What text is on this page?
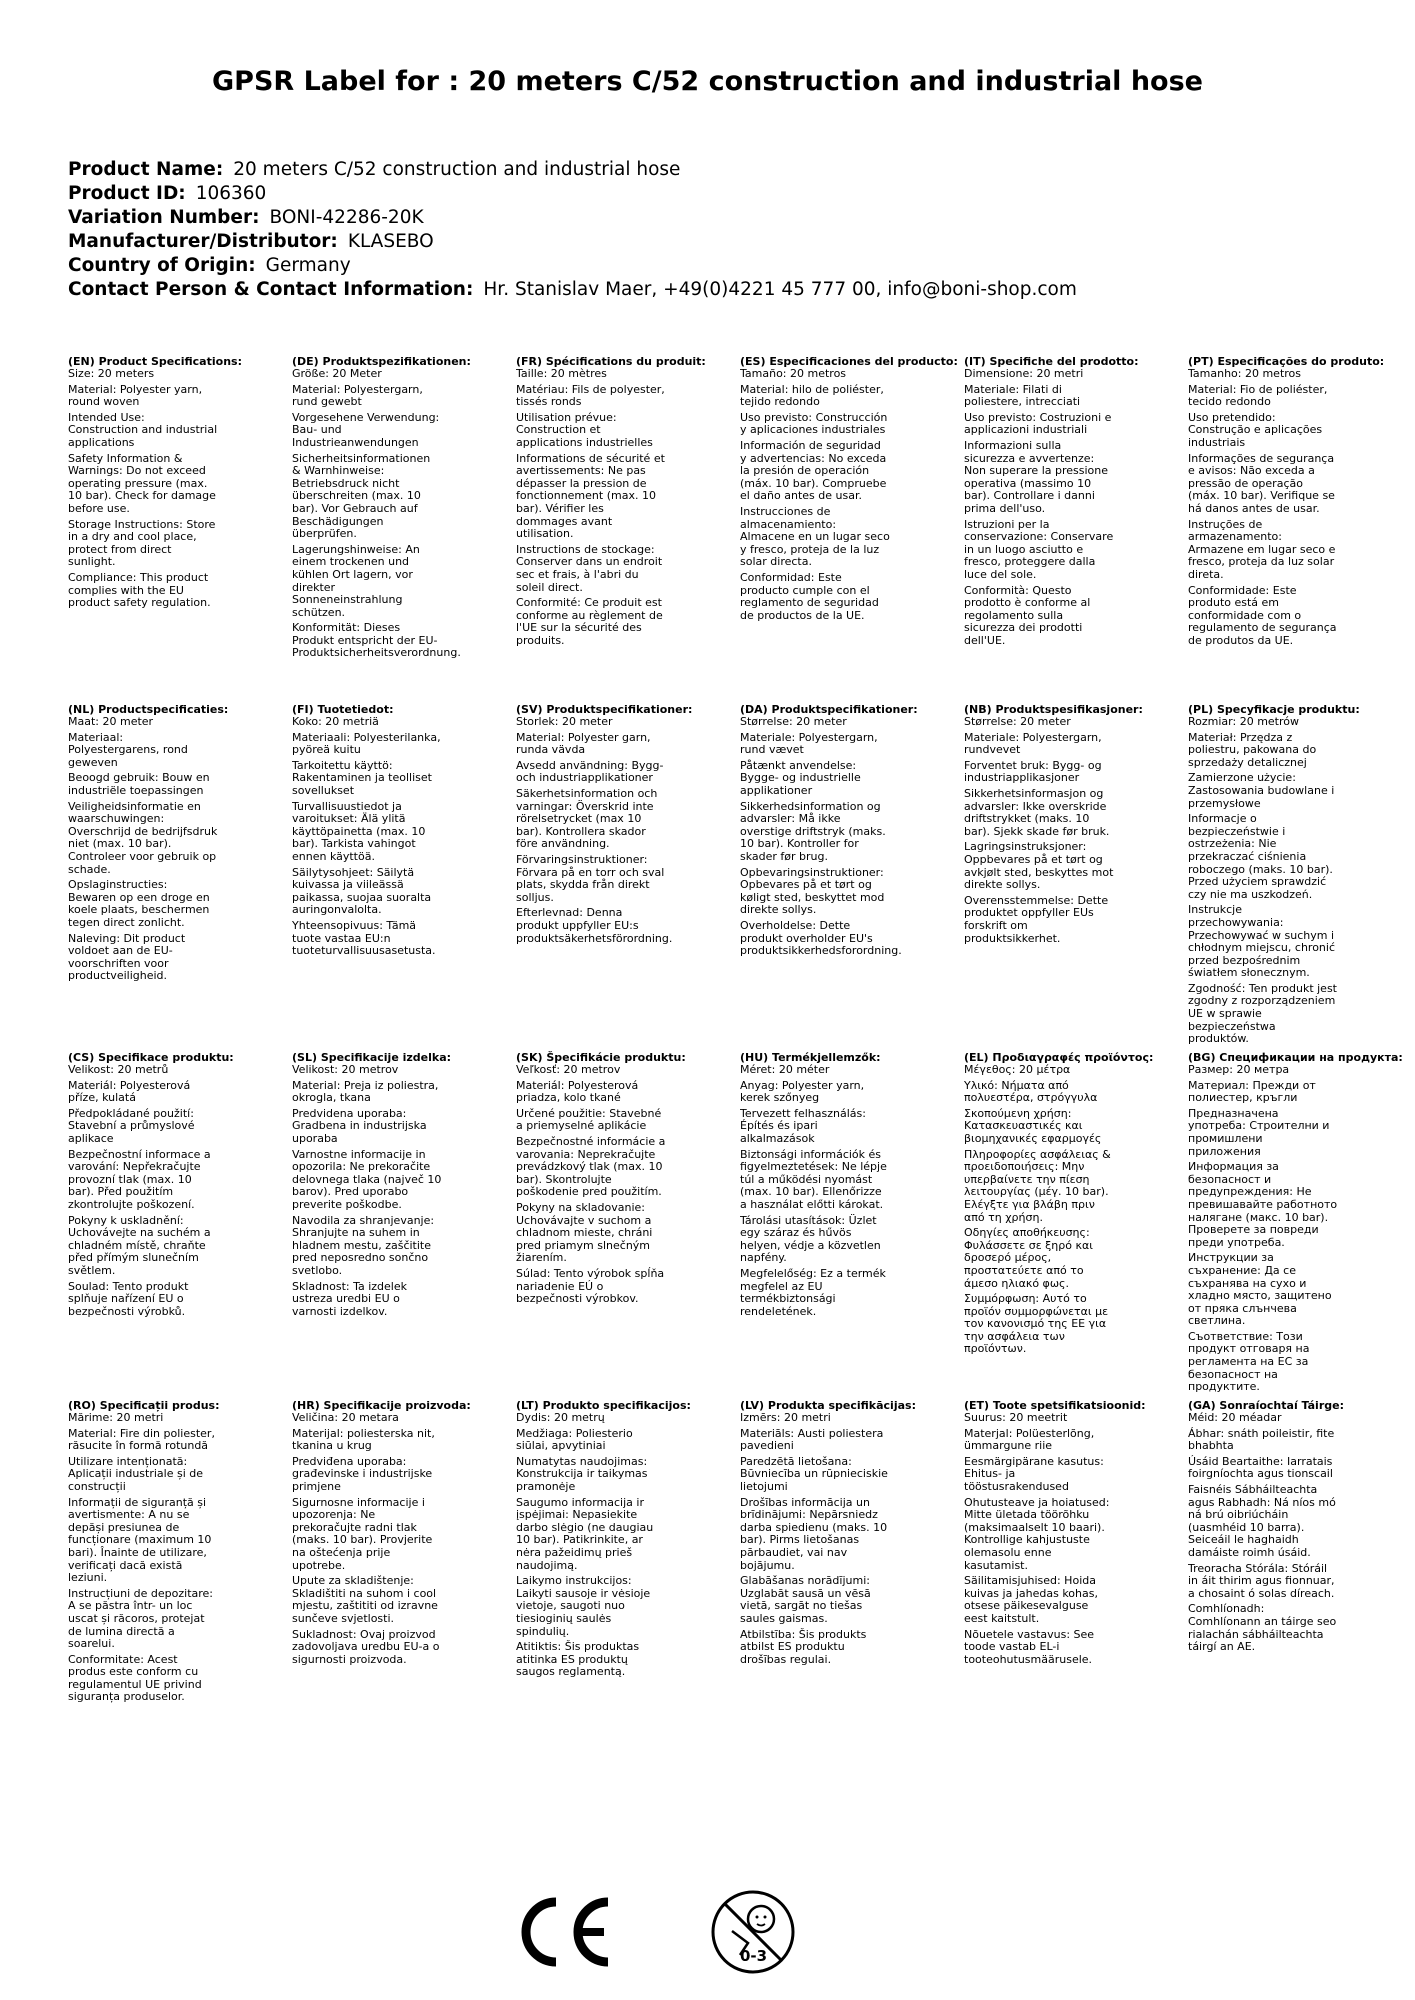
GPSR Label for : 20 meters C/52 construction and industrial hose
Product Name: 20 meters C/52 construction and industrial hose
Product ID: 106360
Variation Number: BONI-42286-20K
Manufacturer/Distributor: KLASEBO
Country of Origin: Germany
Contact Person & Contact Information: Hr. Stanislav Maer, +49(0)4221 45 777 00, info@boni-shop.com
(EN) Product Specifications:

Size: 20 meters

Material: Polyester yarn, round woven

Intended Use: Construction and industrial applications

Safety Information & Warnings: Do not exceed operating pressure (max. 10 bar). Check for damage before use.

Storage Instructions: Store in a dry and cool place, protect from direct sunlight.

Compliance: This product complies with the EU product safety regulation.

(DE) Produktspezifikationen:

Größe: 20 Meter

Material: Polyestergarn, rund gewebt

Vorgesehene Verwendung: Bau- und Industrieanwendungen

Sicherheitsinformationen & Warnhinweise: Betriebsdruck nicht überschreiten (max. 10 bar). Vor Gebrauch auf Beschädigungen überprüfen.

Lagerungshinweise: An einem trockenen und kühlen Ort lagern, vor direkter Sonneneinstrahlung schützen.

Konformität: Dieses Produkt entspricht der EU-Produktsicherheitsverordnung.

(FR) Spécifications du produit:

Taille: 20 mètres

Matériau: Fils de polyester, tissés ronds

Utilisation prévue: Construction et applications industrielles

Informations de sécurité et avertissements: Ne pas dépasser la pression de fonctionnement (max. 10 bar). Vérifier les dommages avant utilisation.

Instructions de stockage: Conserver dans un endroit sec et frais, à l'abri du soleil direct.

Conformité: Ce produit est conforme au règlement de l'UE sur la sécurité des produits.

(ES) Especificaciones del producto:

Tamaño: 20 metros

Material: hilo de poliéster, tejido redondo

Uso previsto: Construcción y aplicaciones industriales

Información de seguridad y advertencias: No exceda la presión de operación (máx. 10 bar). Compruebe el daño antes de usar.

Instrucciones de almacenamiento: Almacene en un lugar seco y fresco, proteja de la luz solar directa.

Conformidad: Este producto cumple con el reglamento de seguridad de productos de la UE.

(IT) Specifiche del prodotto:

Dimensione: 20 metri

Materiale: Filati di poliestere, intrecciati

Uso previsto: Costruzioni e applicazioni industriali

Informazioni sulla sicurezza e avvertenze: Non superare la pressione operativa (massimo 10 bar). Controllare i danni prima dell'uso.

Istruzioni per la conservazione: Conservare in un luogo asciutto e fresco, proteggere dalla luce del sole.

Conformità: Questo prodotto è conforme al regolamento sulla sicurezza dei prodotti dell'UE.

(PT) Especificações do produto:

Tamanho: 20 metros

Material: Fio de poliéster, tecido redondo

Uso pretendido: Construção e aplicações industriais

Informações de segurança e avisos: Não exceda a pressão de operação (máx. 10 bar). Verifique se há danos antes de usar.

Instruções de armazenamento: Armazene em lugar seco e fresco, proteja da luz solar direta.

Conformidade: Este produto está em conformidade com o regulamento de segurança de produtos da UE.

(NL) Productspecificaties:

Maat: 20 meter

Materiaal: Polyestergarens, rond geweven

Beoogd gebruik: Bouw en industriële toepassingen

Veiligheidsinformatie en waarschuwingen: Overschrijd de bedrijfsdruk niet (max. 10 bar). Controleer voor gebruik op schade.

Opslaginstructies: Bewaren op een droge en koele plaats, beschermen tegen direct zonlicht.

Naleving: Dit product voldoet aan de EU-voorschriften voor productveiligheid.

(FI) Tuotetiedot:

Koko: 20 metriä

Materiaali: Polyesterilanka, pyöreä kuitu

Tarkoitettu käyttö: Rakentaminen ja teolliset sovellukset

Turvallisuustiedot ja varoitukset: Älä ylitä käyttöpainetta (max. 10 bar). Tarkista vahingot ennen käyttöä.

Säilytysohjeet: Säilytä kuivassa ja viileässä paikassa, suojaa suoralta auringonvalolta.

Yhteensopivuus: Tämä tuote vastaa EU:n tuoteturvallisuusasetusta.

(SV) Produktspecifikationer:

Storlek: 20 meter

Material: Polyester garn, runda vävda

Avsedd användning: Bygg- och industriapplikationer

Säkerhetsinformation och varningar: Överskrid inte rörelsetrycket (max 10 bar). Kontrollera skador före användning.

Förvaringsinstruktioner: Förvara på en torr och sval plats, skydda från direkt solljus.

Efterlevnad: Denna produkt uppfyller EU:s produktsäkerhetsförordning.

(DA) Produktspecifikationer:

Størrelse: 20 meter

Materiale: Polyestergarn, rund vævet

Påtænkt anvendelse: Bygge- og industrielle applikationer

Sikkerhedsinformation og advarsler: Må ikke overstige driftstryk (maks. 10 bar). Kontroller for skader før brug.

Opbevaringsinstruktioner: Opbevares på et tørt og køligt sted, beskyttet mod direkte sollys.

Overholdelse: Dette produkt overholder EU's produktsikkerhedsforordning.

(NB) Produktspesifikasjoner:

Størrelse: 20 meter

Materiale: Polyestergarn, rundvevet

Forventet bruk: Bygg- og industriapplikasjoner

Sikkerhetsinformasjon og advarsler: Ikke overskride driftstrykket (maks. 10 bar). Sjekk skade før bruk.

Lagringsinstruksjoner: Oppbevares på et tørt og avkjølt sted, beskyttes mot direkte sollys.

Overensstemmelse: Dette produktet oppfyller EUs forskrift om produktsikkerhet.

(PL) Specyfikacje produktu:

Rozmiar: 20 metrów

Materiał: Przędza z poliestru, pakowana do sprzedaży detalicznej

Zamierzone użycie: Zastosowania budowlane i przemysłowe

Informacje o bezpieczeństwie i ostrzeżenia: Nie przekraczać ciśnienia roboczego (maks. 10 bar). Przed użyciem sprawdzić czy nie ma uszkodzeń.

Instrukcje przechowywania: Przechowywać w suchym i chłodnym miejscu, chronić przed bezpośrednim światłem słonecznym.

Zgodność: Ten produkt jest zgodny z rozporządzeniem UE w sprawie bezpieczeństwa produktów.

(CS) Specifikace produktu:

Velikost: 20 metrů

Materiál: Polyesterová příze, kulatá

Předpokládané použití: Stavební a průmyslové aplikace

Bezpečnostní informace a varování: Nepřekračujte provozní tlak (max. 10 bar). Před použitím zkontrolujte poškození.

Pokyny k uskladnění: Uchovávejte na suchém a chladném místě, chraňte před přímým slunečním světlem.

Soulad: Tento produkt splňuje nařízení EU o bezpečnosti výrobků.

(SL) Specifikacije izdelka:

Velikost: 20 metrov

Material: Preja iz poliestra, okrogla, tkana

Predvidena uporaba: Gradbena in industrijska uporaba

Varnostne informacije in opozorila: Ne prekoračite delovnega tlaka (največ 10 barov). Pred uporabo preverite poškodbe.

Navodila za shranjevanje: Shranjujte na suhem in hladnem mestu, zaščitite pred neposredno sončno svetlobo.

Skladnost: Ta izdelek ustreza uredbi EU o varnosti izdelkov.

(SK) Špecifikácie produktu:

Veľkosť: 20 metrov

Materiál: Polyesterová priadza, kolo tkané

Určené použitie: Stavebné a priemyselné aplikácie

Bezpečnostné informácie a varovania: Neprekračujte prevádzkový tlak (max. 10 bar). Skontrolujte poškodenie pred použitím.

Pokyny na skladovanie: Uchovávajte v suchom a chladnom mieste, chráni pred priamym slnečným žiarením.

Súlad: Tento výrobok spĺňa nariadenie EÚ o bezpečnosti výrobkov.

(HU) Termékjellemzők:

Méret: 20 méter

Anyag: Polyester yarn, kerek szőnyeg

Tervezett felhasználás: Építés és ipari alkalmazások

Biztonsági információk és figyelmeztetések: Ne lépje túl a működési nyomást (max. 10 bar). Ellenőrizze a használat előtti károkat.

Tárolási utasítások: Üzlet egy száraz és hűvös helyen, védje a közvetlen napfény.

Megfelelőség: Ez a termék megfelel az EU termékbiztonsági rendeletének.

(EL) Προδιαγραφές προϊόντος:

Μέγεθος: 20 μέτρα

Υλικό: Νήματα από πολυεστέρα, στρόγγυλα

Σκοπούμενη χρήση: Κατασκευαστικές και βιομηχανικές εφαρμογές

Πληροφορίες ασφάλειας & προειδοποιήσεις: Μην υπερβαίνετε την πίεση λειτουργίας (μέγ. 10 bar). Ελέγξτε για βλάβη πριν από τη χρήση.

Οδηγίες αποθήκευσης: Φυλάσσετε σε ξηρό και δροσερό μέρος, προστατεύετε από το άμεσο ηλιακό φως.

Συμμόρφωση: Αυτό το προϊόν συμμορφώνεται με τον κανονισμό της ΕΕ για την ασφάλεια των προϊόντων.

(BG) Спецификации на продукта:

Размер: 20 метра

Материал: Прежди от полиестер, кръгли

Предназначена употреба: Строителни и промишлени приложения

Информация за безопасност и предупреждения: Не превишавайте работното налягане (макс. 10 bar). Проверете за повреди преди употреба.

Инструкции за съхранение: Да се съхранява на сухо и хладно място, защитено от пряка слънчева светлина.

Съответствие: Този продукт отговаря на регламента на ЕС за безопасност на продуктите.

(RO) Specificații produs:

Mărime: 20 metri

Material: Fire din poliester, răsucite în formă rotundă

Utilizare intenționată: Aplicații industriale și de construcții

Informații de siguranță și avertismente: A nu se depăși presiunea de funcționare (maximum 10 bari). Înainte de utilizare, verificați dacă există leziuni.

Instrucțiuni de depozitare: A se păstra într- un loc uscat și răcoros, protejat de lumina directă a soarelui.

Conformitate: Acest produs este conform cu regulamentul UE privind siguranța produselor.

(HR) Specifikacije proizvoda:

Veličina: 20 metara

Materijal: poliesterska nit, tkanina u krug

Predviđena uporaba: građevinske i industrijske primjene

Sigurnosne informacije i upozorenja: Ne prekoračujte radni tlak (maks. 10 bar). Provjerite na oštećenja prije upotrebe.

Upute za skladištenje: Skladištiti na suhom i cool mjestu, zaštititi od izravne sunčeve svjetlosti.

Sukladnost: Ovaj proizvod zadovoljava uredbu EU-a o sigurnosti proizvoda.

(LT) Produkto specifikacijos:

Dydis: 20 metrų

Medžiaga: Poliesterio siūlai, apvytiniai

Numatytas naudojimas: Konstrukcija ir taikymas pramonėje

Saugumo informacija ir įspėjimai: Nepasiekite darbo slėgio (ne daugiau 10 bar). Patikrinkite, ar nėra pažeidimų prieš naudojimą.

Laikymo instrukcijos: Laikyti sausoje ir vėsioje vietoje, saugoti nuo tiesioginių saulės spindulių.

Atitiktis: Šis produktas atitinka ES produktų saugos reglamentą.

(LV) Produkta specifikācijas:

Izmērs: 20 metri

Materiāls: Austi poliestera pavedieni

Paredzētā lietošana: Būvniecība un rūpnieciskie lietojumi

Drošības informācija un brīdinājumi: Nepārsniedz darba spiedienu (maks. 10 bar). Pirms lietošanas pārbaudiet, vai nav bojājumu.

Glabāšanas norādījumi: Uzglabāt sausā un vēsā vietā, sargāt no tiešas saules gaismas.

Atbilstība: Šis produkts atbilst ES produktu drošības regulai.

(ET) Toote spetsifikatsioonid:

Suurus: 20 meetrit

Materjal: Polüesterlõng, ümmargune riie

Eesmärgipärane kasutus: Ehitus- ja tööstusrakendused

Ohutusteave ja hoiatused: Mitte ületada töörõhku (maksimaalselt 10 baari). Kontrollige kahjustuste olemasolu enne kasutamist.

Säilitamisjuhised: Hoida kuivas ja jahedas kohas, otsese päikesevalguse eest kaitstult.

Nõuetele vastavus: See toode vastab EL-i tooteohutusmäärusele.

(GA) Sonraíochtaí Táirge:

Méid: 20 méadar

Ábhar: snáth poileistir, fite bhabhta

Úsáid Beartaithe: Iarratais foirgníochta agus tionscail

Faisnéis Sábháilteachta agus Rabhadh: Ná níos mó ná brú oibriúcháin (uasmhéid 10 barra). Seiceáil le haghaidh damáiste roimh úsáid.

Treoracha Stórála: Stóráil in áit thirim agus fionnuar, a chosaint ó solas díreach.

Comhlíonadh: Comhlíonann an táirge seo rialachán sábháilteachta táirgí an AE.

0-3
